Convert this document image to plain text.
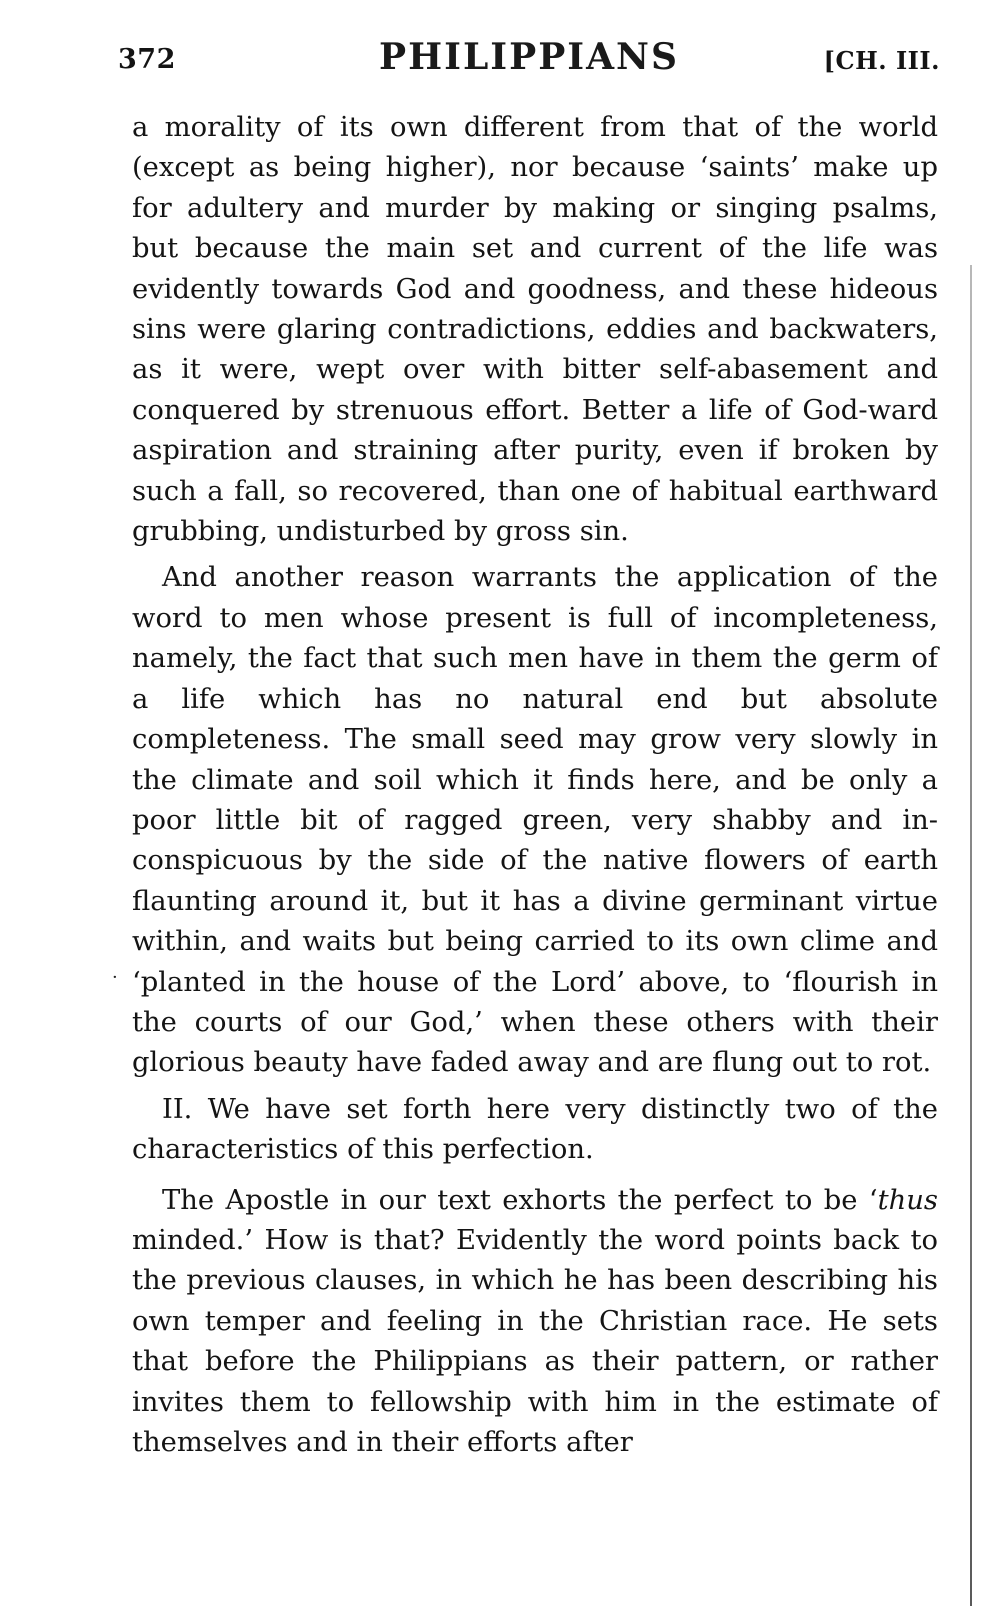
372	PHILIPPIANS	[CH. III.

a morality of its own different from that of the world (except as being higher), nor because ‘saints’ make up for adultery and murder by making or singing psalms, but because the main set and current of the life was evidently towards God and goodness, and these hideous sins were glaring contradictions, eddies and backwaters, as it were, wept over with bitter self-abasement and conquered by strenuous effort. Better a life of God-ward aspiration and straining after purity, even if broken by such a fall, so recovered, than one of habitual earthward grubbing, undisturbed by gross sin.

And another reason warrants the application of the word to men whose present is full of incompleteness, namely, the fact that such men have in them the germ of a life which has no natural end but absolute completeness. The small seed may grow very slowly in the climate and soil which it finds here, and be only a poor little bit of ragged green, very shabby and in-conspicuous by the side of the native flowers of earth flaunting around it, but it has a divine germinant virtue within, and waits but being carried to its own clime and ‘planted in the house of the Lord’ above, to ‘flourish in the courts of our God,’ when these others with their glorious beauty have faded away and are flung out to rot.

II. We have set forth here very distinctly two of the characteristics of this perfection.

The Apostle in our text exhorts the perfect to be ‘thus minded.’ How is that? Evidently the word points back to the previous clauses, in which he has been describing his own temper and feeling in the Christian race. He sets that before the Philippians as their pattern, or rather invites them to fellowship with him in the estimate of themselves and in their efforts after

·
